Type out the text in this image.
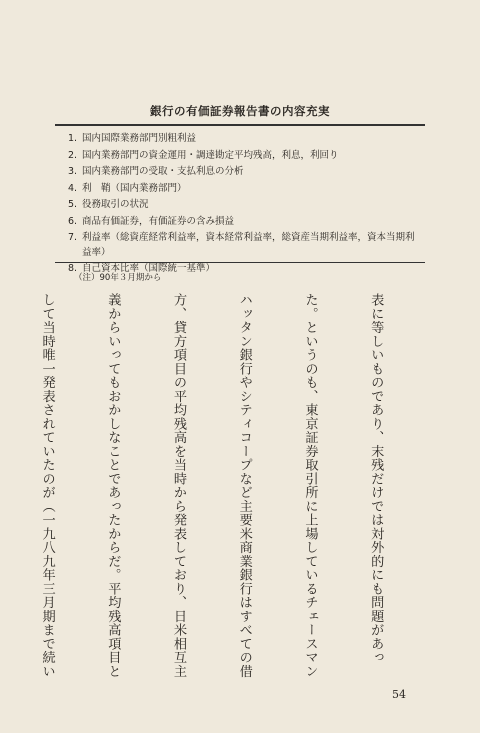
銀行の有価証券報告書の内容充実
1. 国内国際業務部門別粗利益
2. 国内業務部門の資金運用・調達勘定平均残高，利息，利回り
3. 国内業務部門の受取・支払利息の分析
4. 利　鞘（国内業務部門）
5. 役務取引の状況
6. 商品有価証券，有価証券の含み損益
7. 利益率（総資産経常利益率，資本経常利益率，総資産当期利益率，資本当期利益率）
8. 自己資本比率（国際統一基準）
（注）90年３月期から

表に等しいものであり、末残だけでは対外的にも問題があっ

た。というのも、東京証券取引所に上場しているチェースマン

ハッタン銀行やシティコープなど主要米商業銀行はすべての借

方、貸方項目の平均残高を当時から発表しており、日米相互主

義からいってもおかしなことであったからだ。平均残高項目と

して当時唯一発表されていたのが（一九八九年三月期まで続い

54
